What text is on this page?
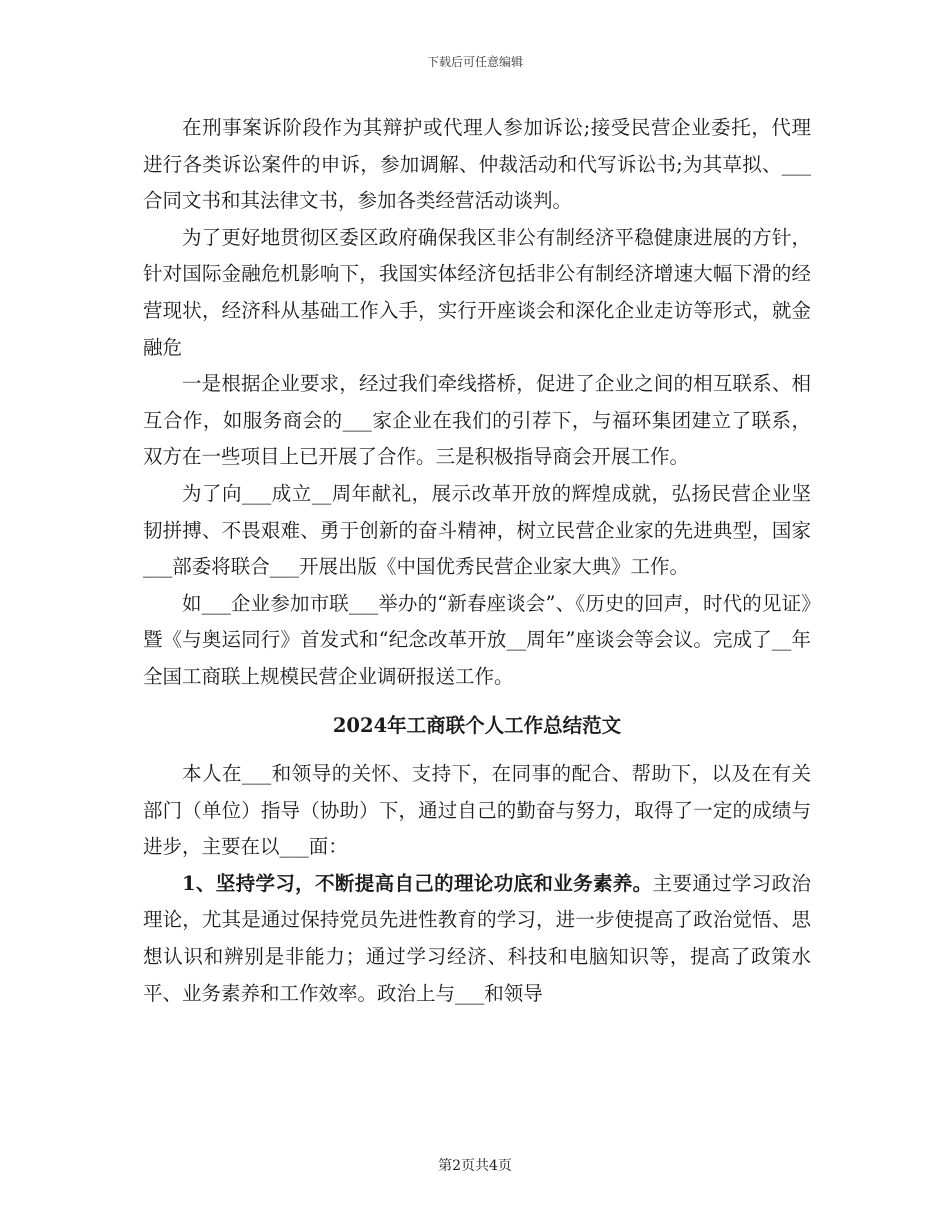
下载后可任意编辑

在刑事案诉阶段作为其辩护或代理人参加诉讼;接受民营企业委托，代理进行各类诉讼案件的申诉，参加调解、仲裁活动和代写诉讼书;为其草拟、___合同文书和其法律文书，参加各类经营活动谈判。

为了更好地贯彻区委区政府确保我区非公有制经济平稳健康进展的方针，针对国际金融危机影响下，我国实体经济包括非公有制经济增速大幅下滑的经营现状，经济科从基础工作入手，实行开座谈会和深化企业走访等形式，就金融危

一是根据企业要求，经过我们牵线搭桥，促进了企业之间的相互联系、相互合作，如服务商会的___家企业在我们的引荐下，与福环集团建立了联系，双方在一些项目上已开展了合作。三是积极指导商会开展工作。

为了向___成立__周年献礼，展示改革开放的辉煌成就，弘扬民营企业坚韧拼搏、不畏艰难、勇于创新的奋斗精神，树立民营企业家的先进典型，国家___部委将联合___开展出版《中国优秀民营企业家大典》工作。

如___企业参加市联___举办的“新春座谈会”、《历史的回声，时代的见证》暨《与奥运同行》首发式和“纪念改革开放__周年”座谈会等会议。完成了__年全国工商联上规模民营企业调研报送工作。

2024年工商联个人工作总结范文

本人在___和领导的关怀、支持下，在同事的配合、帮助下，以及在有关部门（单位）指导（协助）下，通过自己的勤奋与努力，取得了一定的成绩与进步，主要在以___面：

1、坚持学习，不断提高自己的理论功底和业务素养。主要通过学习政治理论，尤其是通过保持党员先进性教育的学习，进一步使提高了政治觉悟、思想认识和辨别是非能力；通过学习经济、科技和电脑知识等，提高了政策水平、业务素养和工作效率。政治上与___和领导

第2页共4页
